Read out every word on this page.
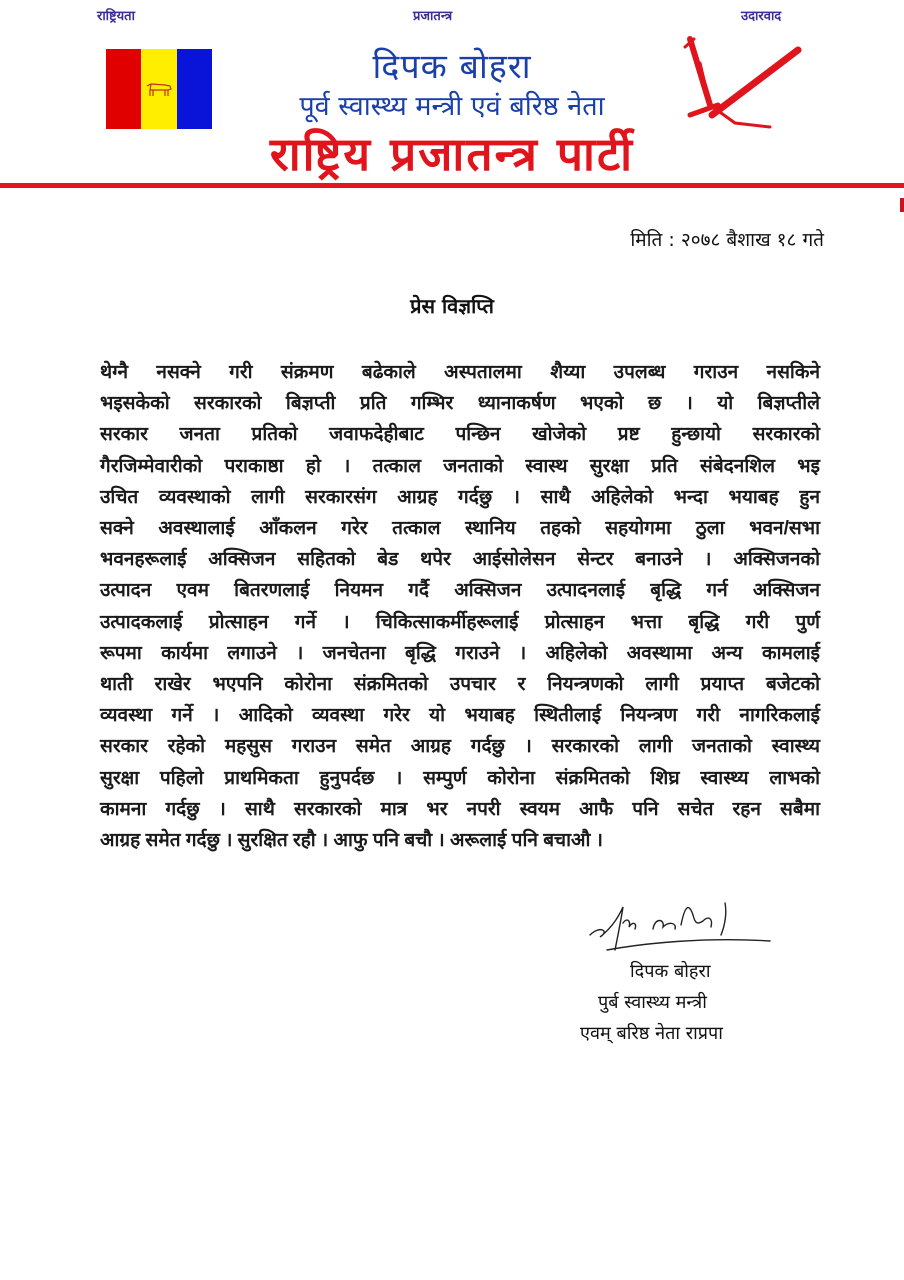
राष्ट्रियता	प्रजातन्त्र	उदारवाद
दिपक बोहरा
पूर्व स्वास्थ्य मन्त्री एवं बरिष्ठ नेता
राष्ट्रिय प्रजातन्त्र पार्टी
मिति : २०७८ बैशाख १८ गते
प्रेस विज्ञप्ति
थेग्नै नसक्ने गरी संक्रमण बढेकाले अस्पतालमा शैय्या उपलब्ध गराउन नसकिने
भइसकेको सरकारको बिज्ञप्ती प्रति गम्भिर ध्यानाकर्षण भएको छ । यो बिज्ञप्तीले
सरकार जनता प्रतिको जवाफदेहीबाट पन्छिन खोजेको प्रष्ट हुन्छायो सरकारको
गैरजिम्मेवारीको पराकाष्ठा हो । तत्काल जनताको स्वास्थ सुरक्षा प्रति संबेदनशिल भइ
उचित व्यवस्थाको लागी सरकारसंग आग्रह गर्दछु । साथै अहिलेको भन्दा भयाबह हुन
सक्ने अवस्थालाई आँकलन गरेर तत्काल स्थानिय तहको सहयोगमा ठुला भवन/सभा
भवनहरूलाई अक्सिजन सहितको बेड थपेर आईसोलेसन सेन्टर बनाउने । अक्सिजनको
उत्पादन एवम बितरणलाई नियमन गर्दै अक्सिजन उत्पादनलाई बृद्धि गर्न अक्सिजन
उत्पादकलाई प्रोत्साहन गर्ने । चिकित्साकर्मीहरूलाई प्रोत्साहन भत्ता बृद्धि गरी पुर्ण
रूपमा कार्यमा लगाउने । जनचेतना बृद्धि गराउने । अहिलेको अवस्थामा अन्य कामलाई
थाती राखेर भएपनि कोरोना संक्रमितको उपचार र नियन्त्रणको लागी प्रयाप्त बजेटको
व्यवस्था गर्ने । आदिको व्यवस्था गरेर यो भयाबह स्थितीलाई नियन्त्रण गरी नागरिकलाई
सरकार रहेको महसुस गराउन समेत आग्रह गर्दछु । सरकारको लागी जनताको स्वास्थ्य
सुरक्षा पहिलो प्राथमिकता हुनुपर्दछ । सम्पुर्ण कोरोना संक्रमितको शिघ्र स्वास्थ्य लाभको
कामना गर्दछु । साथै सरकारको मात्र भर नपरी स्वयम आफै पनि सचेत रहन सबैमा
आग्रह समेत गर्दछु । सुरक्षित रहौ । आफु पनि बचौ । अरूलाई पनि बचाऔ ।
दिपक बोहरा
पुर्ब स्वास्थ्य मन्त्री
एवम् बरिष्ठ नेता राप्रपा
